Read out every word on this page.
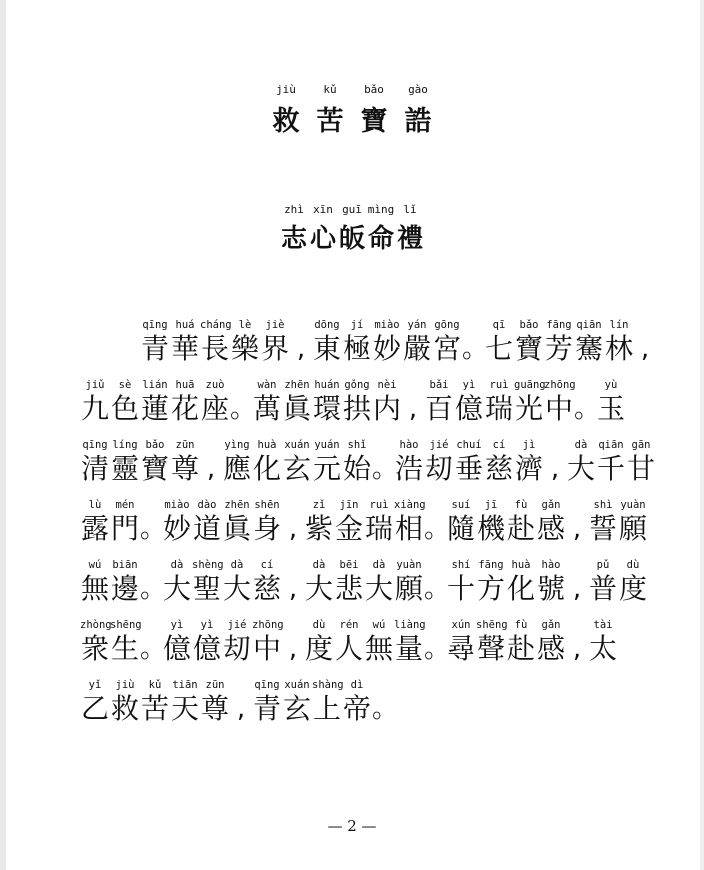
jiù	kǔ	bǎo	gào
救 苦 寶 誥
zhì xīn guī mìng lǐ
志 心 皈 命 禮
qīng
青
huá
華
cháng
長
lè
樂
jiè
界 ,
dōng
東
jí
極
miào
妙
yán
嚴
gōng
宮 。
qī
七
bǎo
寶
fāng
芳
qiān
騫
lín
林 ,
jiǔ
九
sè
色
lián
蓮
huā
花
zuò
座 。
wàn
萬
zhēn
眞
huán
環
gǒng
拱
nèi
内 ,
bǎi
百
yì
億
ruì
瑞
guāng
光
zhōng
中 。
yù
玉
qīng
清
líng
靈
bǎo
寶
zūn
尊 ,
yìng
應
huà
化
xuán
玄
yuán
元
shǐ
始 。
hào
浩
jié
刧
chuí
垂
cí
慈
jì
濟 ,
dà
大
qiān
千
gān
甘
lù
露
mén
門 。
miào
妙
dào
道
zhēn
眞
shēn
身 ,
zǐ
紫
jīn
金
ruì
瑞
xiàng
相 。
suí
隨
jī
機
fù
赴
gǎn
感 ,
shì
誓
yuàn
願
wú
無
biān
邊 。
dà
大
shèng
聖
dà
大
cí
慈 ,
dà
大
bēi
悲
dà
大
yuàn
願 。
shí
十
fāng
方
huà
化
hào
號 ,
pǔ
普
dù
度
zhòng
衆
shēng
生 。
yì
億
yì
億
jié
刧
zhōng
中 ,
dù
度
rén
人
wú
無
liàng
量 。
xún
尋
shēng
聲
fù
赴
gǎn
感 ,
tài
太
yǐ
乙
jiù
救
kǔ
苦
tiān
天
zūn
尊 ,
qīng
青
xuán
玄
shàng
上
dì
帝 。
— 2 —
